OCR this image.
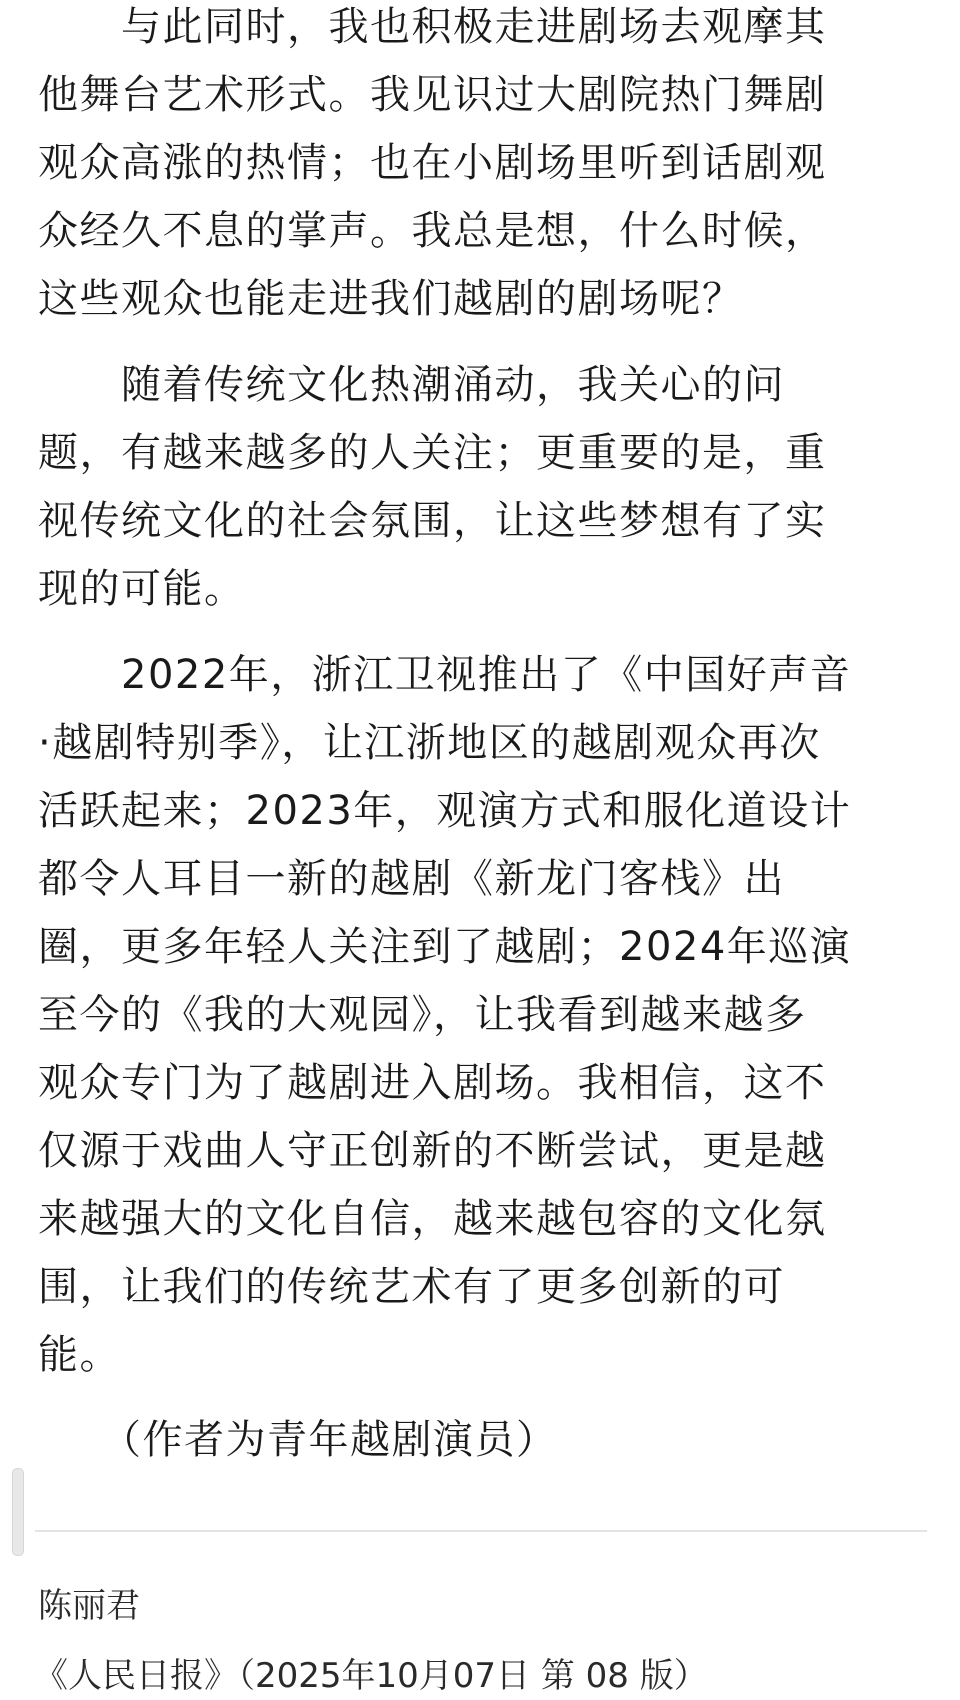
　　与此同时，我也积极走进剧场去观摩其
他舞台艺术形式。我见识过大剧院热门舞剧
观众高涨的热情；也在小剧场里听到话剧观
众经久不息的掌声。我总是想，什么时候，
这些观众也能走进我们越剧的剧场呢？
　　随着传统文化热潮涌动，我关心的问
题，有越来越多的人关注；更重要的是，重
视传统文化的社会氛围，让这些梦想有了实
现的可能。
　　2022年，浙江卫视推出了《中国好声音
·越剧特别季》，让江浙地区的越剧观众再次
活跃起来；2023年，观演方式和服化道设计
都令人耳目一新的越剧《新龙门客栈》出
圈，更多年轻人关注到了越剧；2024年巡演
至今的《我的大观园》，让我看到越来越多
观众专门为了越剧进入剧场。我相信，这不
仅源于戏曲人守正创新的不断尝试，更是越
来越强大的文化自信，越来越包容的文化氛
围，让我们的传统艺术有了更多创新的可
能。
　　（作者为青年越剧演员）
陈丽君
《人民日报》（2025年10月07日 第 08 版）
